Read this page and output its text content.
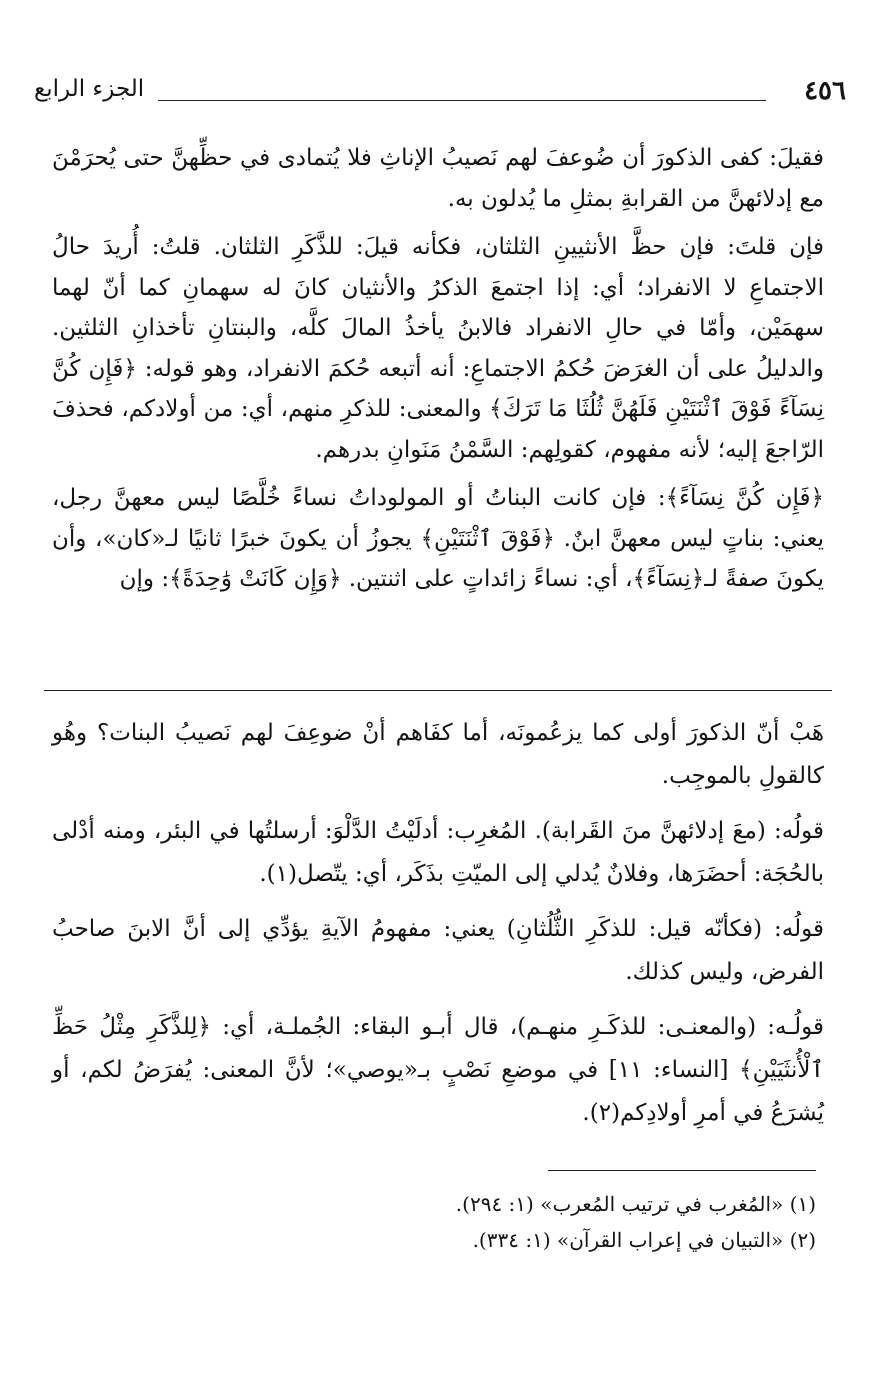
٤٥٦
الجزء الرابع

فقيلَ: كفى الذكورَ أن ضُوعفَ لهم نَصيبُ الإناثِ فلا يُتمادى في حظِّهنَّ حتى يُحرَمْنَ مع إدلائهنَّ من القرابةِ بمثلِ ما يُدلون به.

فإن قلتَ: فإن حظَّ الأنثيينِ الثلثان، فكأنه قيلَ: للذَّكَرِ الثلثان. قلتُ: أُريدَ حالُ الاجتماعِ لا الانفراد؛ أي: إذا اجتمعَ الذكرُ والأنثيان كانَ له سهمانِ كما أنّ لهما سهمَيْن، وأمّا في حالِ الانفراد فالابنُ يأخذُ المالَ كلَّه، والبنتانِ تأخذانِ الثلثين. والدليلُ على أن الغرَضَ حُكمُ الاجتماعِ: أنه أتبعه حُكمَ الانفراد، وهو قوله: ﴿فَإِن كُنَّ نِسَآءً فَوْقَ ٱثْنَتَيْنِ فَلَهُنَّ ثُلُثَا مَا تَرَكَ﴾ والمعنى: للذكرِ منهم، أي: من أولادكم، فحذفَ الرّاجعَ إليه؛ لأنه مفهوم، كقولِهم: السَّمْنُ مَنَوانِ بدرهم.

﴿فَإِن كُنَّ نِسَآءً﴾: فإن كانت البناتُ أو المولوداتُ نساءً خُلَّصًا ليس معهنَّ رجل، يعني: بناتٍ ليس معهنَّ ابنٌ. ﴿فَوْقَ ٱثْنَتَيْنِ﴾ يجوزُ أن يكونَ خبرًا ثانيًا لـ«كان»، وأن يكونَ صفةً لـ﴿نِسَآءً﴾، أي: نساءً زائداتٍ على اثنتين. ﴿وَإِن كَانَتْ وَٰحِدَةً﴾: وإن

هَبْ أنّ الذكورَ أولى كما يزعُمونَه، أما كفَاهم أنْ ضوعِفَ لهم نَصيبُ البنات؟ وهُو كالقولِ بالموجِب.

قولُه: (معَ إدلائهنَّ منَ القَرابة). المُغرِب: أدلَيْتُ الدَّلْوَ: أرسلتُها في البئر، ومنه أدْلى بالحُجَة: أحضَرَها، وفلانٌ يُدلي إلى الميّتِ بذَكَر، أي: يتّصل(١).

قولُه: (فكأنّه قيل: للذكَرِ الثُّلُثانِ) يعني: مفهومُ الآيةِ يؤدِّي إلى أنَّ الابنَ صاحبُ الفرض، وليس كذلك.

قولُـه: (والمعنـى: للذكَـرِ منهـم)، قال أبـو البقاء: الجُملـة، أي: ﴿لِلذَّكَرِ مِثْلُ حَظِّ ٱلْأُنثَيَيْنِ﴾ [النساء: ١١] في موضعِ نَصْبٍ بـ«يوصي»؛ لأنَّ المعنى: يُفرَضُ لكم، أو يُشرَعُ في أمرِ أولادِكم(٢).

(١) «المُغرب في ترتيب المُعرب» (١: ٢٩٤).

(٢) «التبيان في إعراب القرآن» (١: ٣٣٤).
